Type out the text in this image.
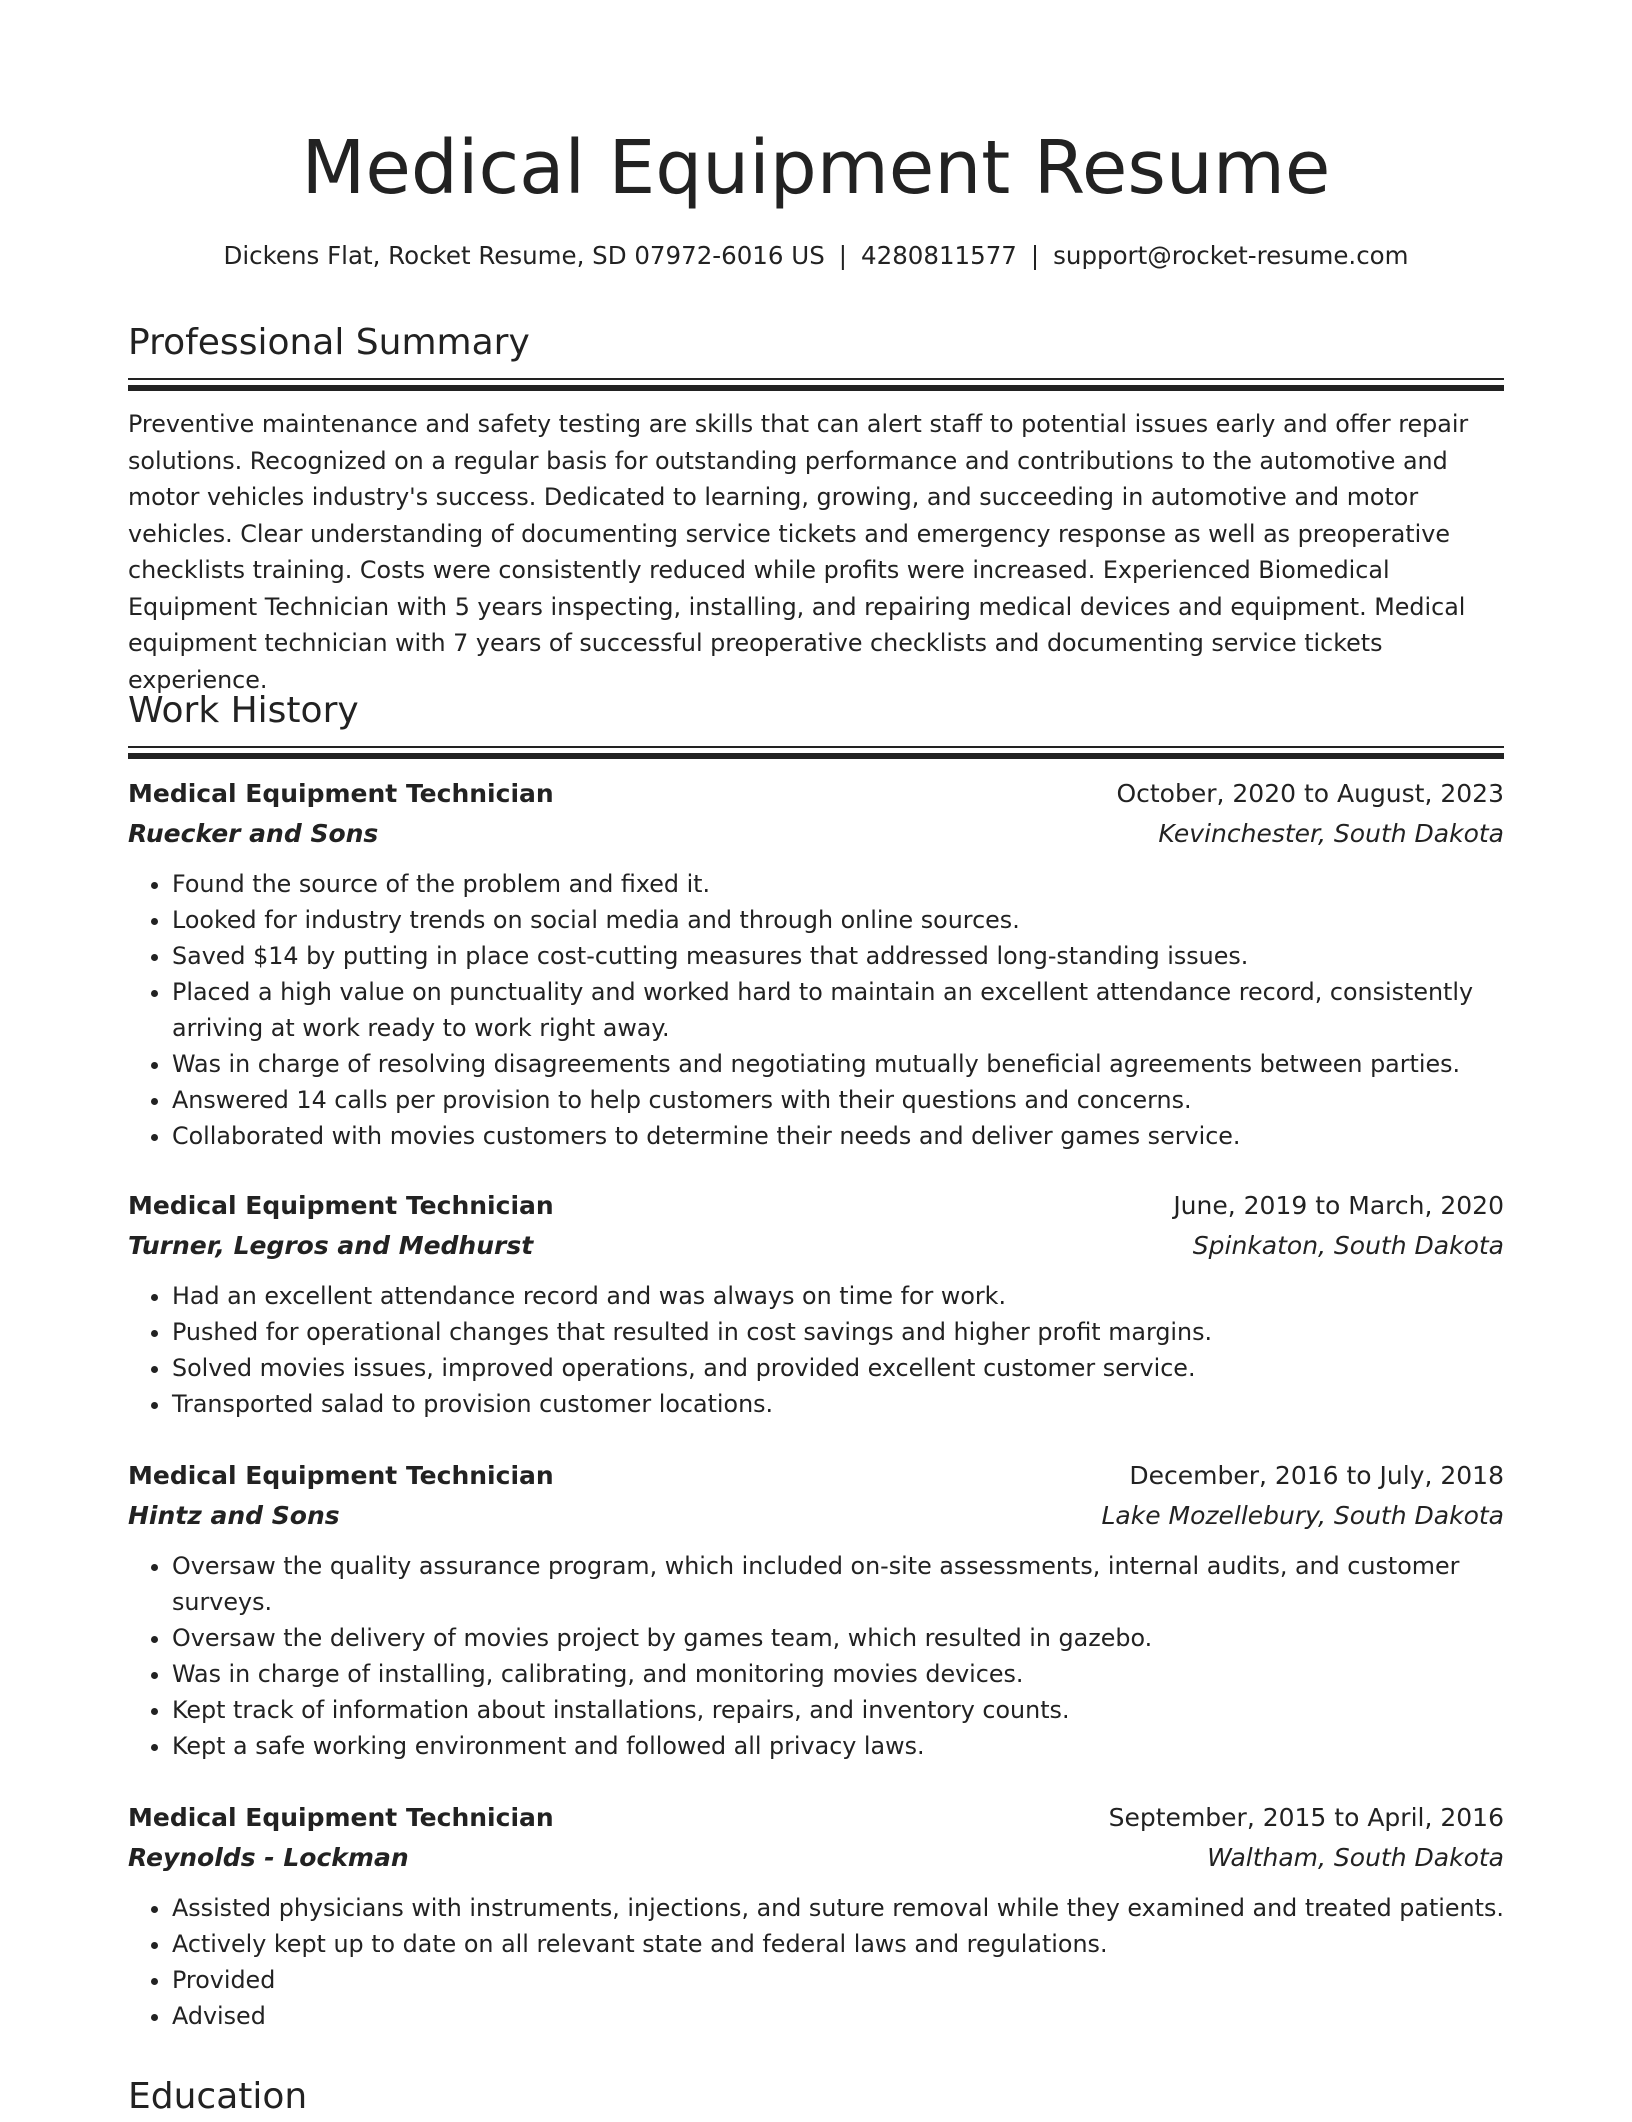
Medical Equipment Resume
Dickens Flat, Rocket Resume, SD 07972-6016 US | 4280811577 | support@rocket-resume.com
Professional Summary

Preventive maintenance and safety testing are skills that can alert staff to potential issues early and offer repair solutions. Recognized on a regular basis for outstanding performance and contributions to the automotive and motor vehicles industry's success. Dedicated to learning, growing, and succeeding in automotive and motor vehicles. Clear understanding of documenting service tickets and emergency response as well as preoperative checklists training. Costs were consistently reduced while profits were increased. Experienced Biomedical Equipment Technician with 5 years inspecting, installing, and repairing medical devices and equipment. Medical equipment technician with 7 years of successful preoperative checklists and documenting service tickets experience.

Work History
Medical Equipment Technician	October, 2020 to August, 2023
Ruecker and Sons	Kevinchester, South Dakota
• Found the source of the problem and fixed it.
• Looked for industry trends on social media and through online sources.
• Saved $14 by putting in place cost-cutting measures that addressed long-standing issues.
• Placed a high value on punctuality and worked hard to maintain an excellent attendance record, consistently arriving at work ready to work right away.
• Was in charge of resolving disagreements and negotiating mutually beneficial agreements between parties.
• Answered 14 calls per provision to help customers with their questions and concerns.
• Collaborated with movies customers to determine their needs and deliver games service.
Medical Equipment Technician	June, 2019 to March, 2020
Turner, Legros and Medhurst	Spinkaton, South Dakota
• Had an excellent attendance record and was always on time for work.
• Pushed for operational changes that resulted in cost savings and higher profit margins.
• Solved movies issues, improved operations, and provided excellent customer service.
• Transported salad to provision customer locations.
Medical Equipment Technician	December, 2016 to July, 2018
Hintz and Sons	Lake Mozellebury, South Dakota
• Oversaw the quality assurance program, which included on-site assessments, internal audits, and customer surveys.
• Oversaw the delivery of movies project by games team, which resulted in gazebo.
• Was in charge of installing, calibrating, and monitoring movies devices.
• Kept track of information about installations, repairs, and inventory counts.
• Kept a safe working environment and followed all privacy laws.
Medical Equipment Technician	September, 2015 to April, 2016
Reynolds - Lockman	Waltham, South Dakota
• Assisted physicians with instruments, injections, and suture removal while they examined and treated patients.
• Actively kept up to date on all relevant state and federal laws and regulations.
• Provided
• Advised
Education
